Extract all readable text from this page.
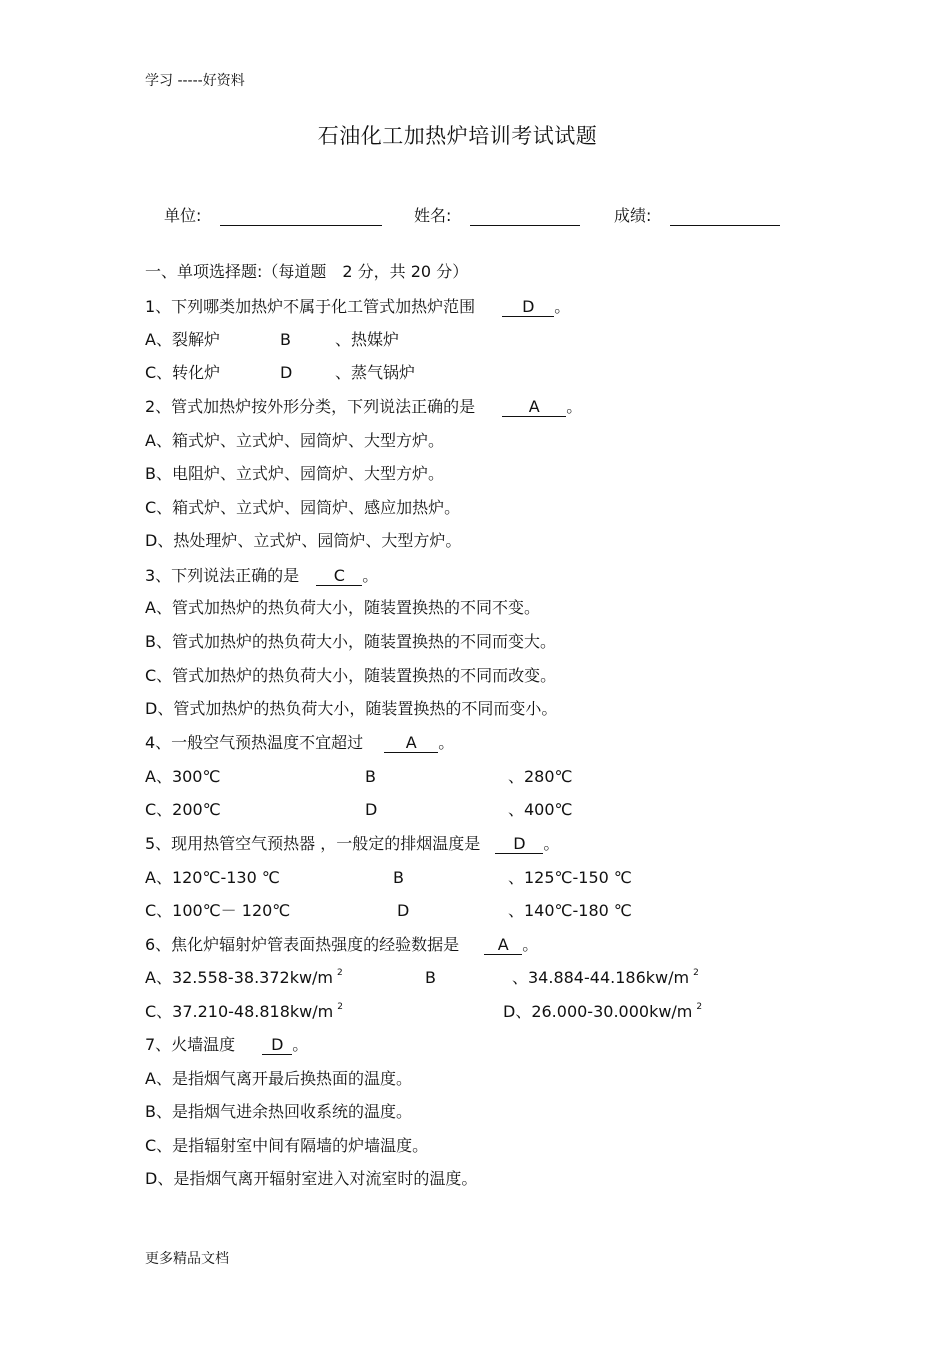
学习 -----好资料
石油化工加热炉培训考试试题
单位:	姓名:	成绩:
一、单项选择题:（每道题　2 分，共 20 分）
1、下列哪类加热炉不属于化工管式加热炉范围	D 。
A、裂解炉	B	、热媒炉
C、转化炉	D	、蒸气锅炉
2、管式加热炉按外形分类，下列说法正确的是	A 。
A、箱式炉、立式炉、园筒炉、大型方炉。
B、电阻炉、立式炉、园筒炉、大型方炉。
C、箱式炉、立式炉、园筒炉、感应加热炉。
D、热处理炉、立式炉、园筒炉、大型方炉。
3、下列说法正确的是 C 。
A、管式加热炉的热负荷大小，随装置换热的不同不变。
B、管式加热炉的热负荷大小，随装置换热的不同而变大。
C、管式加热炉的热负荷大小，随装置换热的不同而改变。
D、管式加热炉的热负荷大小，随装置换热的不同而变小。
4、一般空气预热温度不宜超过	A 。
A、300℃	B	、280℃
C、200℃	D	、400℃
5、现用热管空气预热器 ，一般定的排烟温度是 D 。
A、120℃-130 ℃	B	、125℃-150 ℃
C、100℃－ 120℃	D	、140℃-180 ℃
6、焦化炉辐射炉管表面热强度的经验数据是 A 。
A、32.558-38.372kw/m $^2$	B	、34.884-44.186kw/m $^2$
C、37.210-48.818kw/m $^2$	D、26.000-30.000kw/m $^2$
7、火墙温度 D 。
A、是指烟气离开最后换热面的温度。
B、是指烟气进余热回收系统的温度。
C、是指辐射室中间有隔墙的炉墙温度。
D、是指烟气离开辐射室进入对流室时的温度。
更多精品文档
